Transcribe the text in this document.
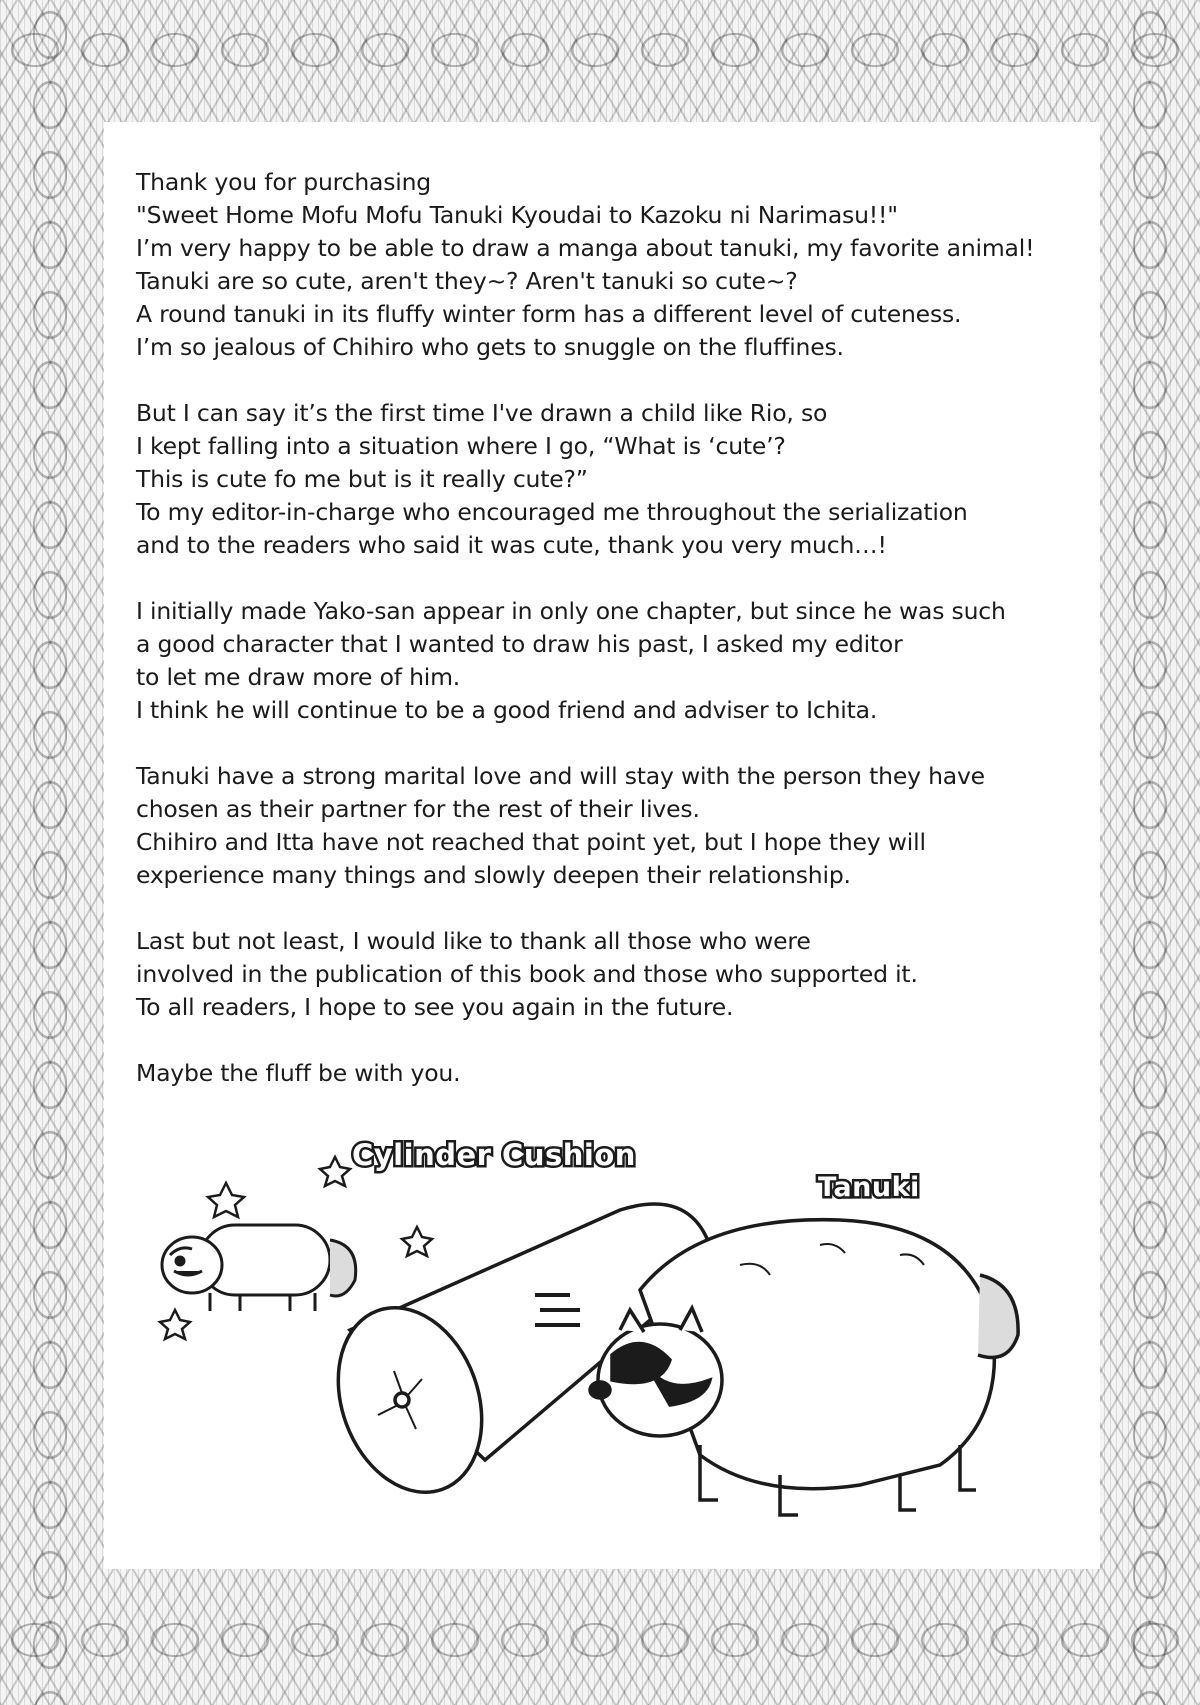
Thank you for purchasing
"Sweet Home Mofu Mofu Tanuki Kyoudai to Kazoku ni Narimasu!!"
I’m very happy to be able to draw a manga about tanuki, my favorite animal!
Tanuki are so cute, aren't they~? Aren't tanuki so cute~?
A round tanuki in its fluffy winter form has a different level of cuteness.
I’m so jealous of Chihiro who gets to snuggle on the fluffines.
But I can say it’s the first time I've drawn a child like Rio, so
I kept falling into a situation where I go, “What is ‘cute’?
This is cute fo me but is it really cute?”
To my editor-in-charge who encouraged me throughout the serialization
and to the readers who said it was cute, thank you very much…!
I initially made Yako-san appear in only one chapter, but since he was such
a good character that I wanted to draw his past, I asked my editor
to let me draw more of him.
I think he will continue to be a good friend and adviser to Ichita.
Tanuki have a strong marital love and will stay with the person they have
chosen as their partner for the rest of their lives.
Chihiro and Itta have not reached that point yet, but I hope they will
experience many things and slowly deepen their relationship.
Last but not least, I would like to thank all those who were
involved in the publication of this book and those who supported it.
To all readers, I hope to see you again in the future.
Maybe the fluff be with you.
Cylinder Cushion
Tanuki
